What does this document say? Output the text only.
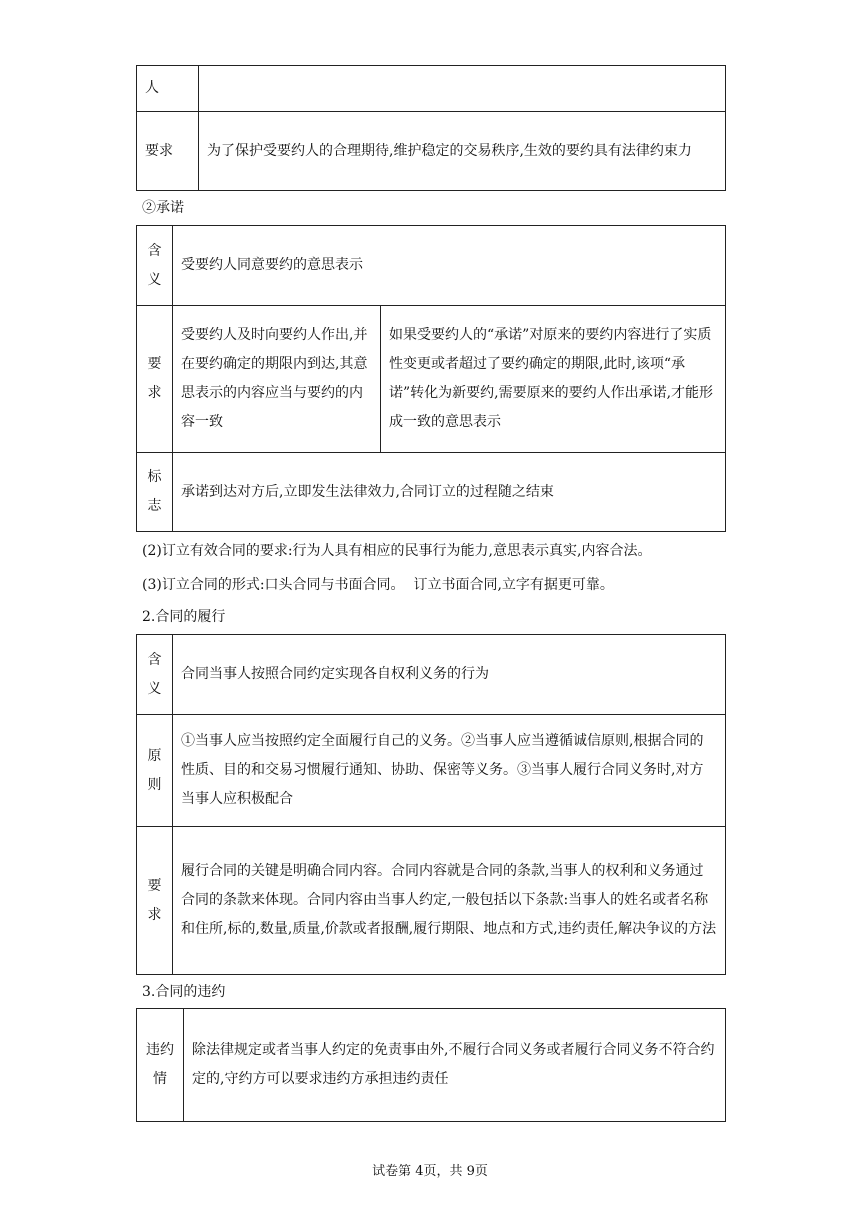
人	
要求	为了保护受要约人的合理期待,维护稳定的交易秩序,生效的要约具有法律约束力
②承诺
含义	受要约人同意要约的意思表示	
要求	受要约人及时向要约人作出,并在要约确定的期限内到达,其意思表示的内容应当与要约的内容一致	如果受要约人的“承诺”对原来的要约内容进行了实质性变更或者超过了要约确定的期限,此时,该项“承诺”转化为新要约,需要原来的要约人作出承诺,才能形成一致的意思表示
标志	承诺到达对方后,立即发生法律效力,合同订立的过程随之结束	
(2)订立有效合同的要求:行为人具有相应的民事行为能力,意思表示真实,内容合法。
(3)订立合同的形式:口头合同与书面合同。  订立书面合同,立字有据更可靠。
2.合同的履行
含义	合同当事人按照合同约定实现各自权利义务的行为
原则	①当事人应当按照约定全面履行自己的义务。②当事人应当遵循诚信原则,根据合同的性质、目的和交易习惯履行通知、协助、保密等义务。③当事人履行合同义务时,对方当事人应积极配合
要求	履行合同的关键是明确合同内容。合同内容就是合同的条款,当事人的权利和义务通过合同的条款来体现。合同内容由当事人约定,一般包括以下条款:当事人的姓名或者名称和住所,标的,数量,质量,价款或者报酬,履行期限、地点和方式,违约责任,解决争议的方法
3.合同的违约
违约情	除法律规定或者当事人约定的免责事由外,不履行合同义务或者履行合同义务不符合约定的,守约方可以要求违约方承担违约责任
试卷第 4页，共 9页
